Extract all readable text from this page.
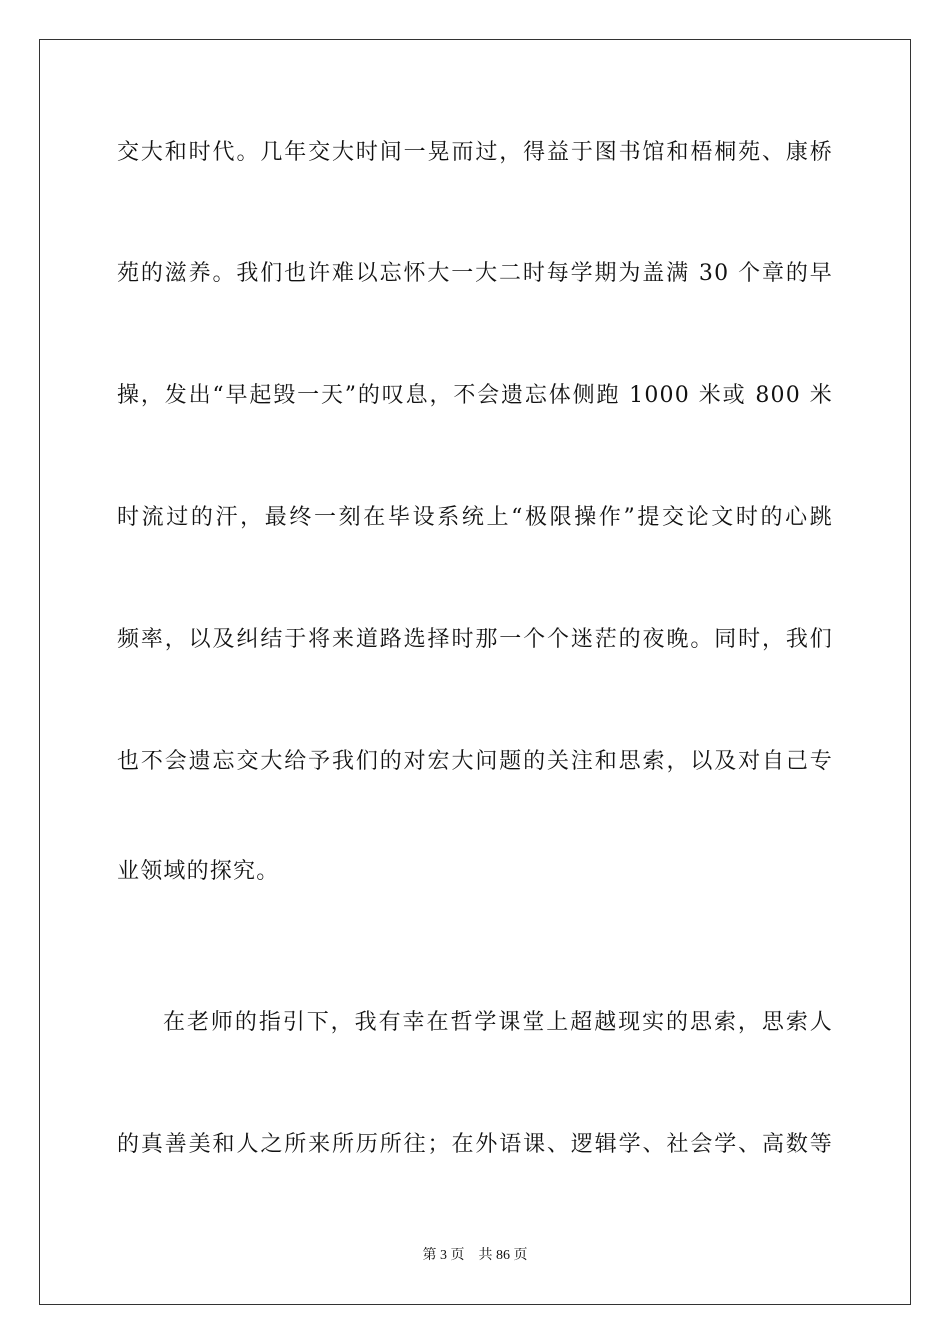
交大和时代。几年交大时间一晃而过，得益于图书馆和梧桐苑、康桥
苑的滋养。我们也许难以忘怀大一大二时每学期为盖满 30 个章的早
操，发出“早起毁一天”的叹息，不会遗忘体侧跑 1000 米或 800 米
时流过的汗，最终一刻在毕设系统上“极限操作”提交论文时的心跳
频率，以及纠结于将来道路选择时那一个个迷茫的夜晚。同时，我们
也不会遗忘交大给予我们的对宏大问题的关注和思索，以及对自己专
业领域的探究。
在老师的指引下，我有幸在哲学课堂上超越现实的思索，思索人
的真善美和人之所来所历所往；在外语课、逻辑学、社会学、高数等
第 3 页 共 86 页
